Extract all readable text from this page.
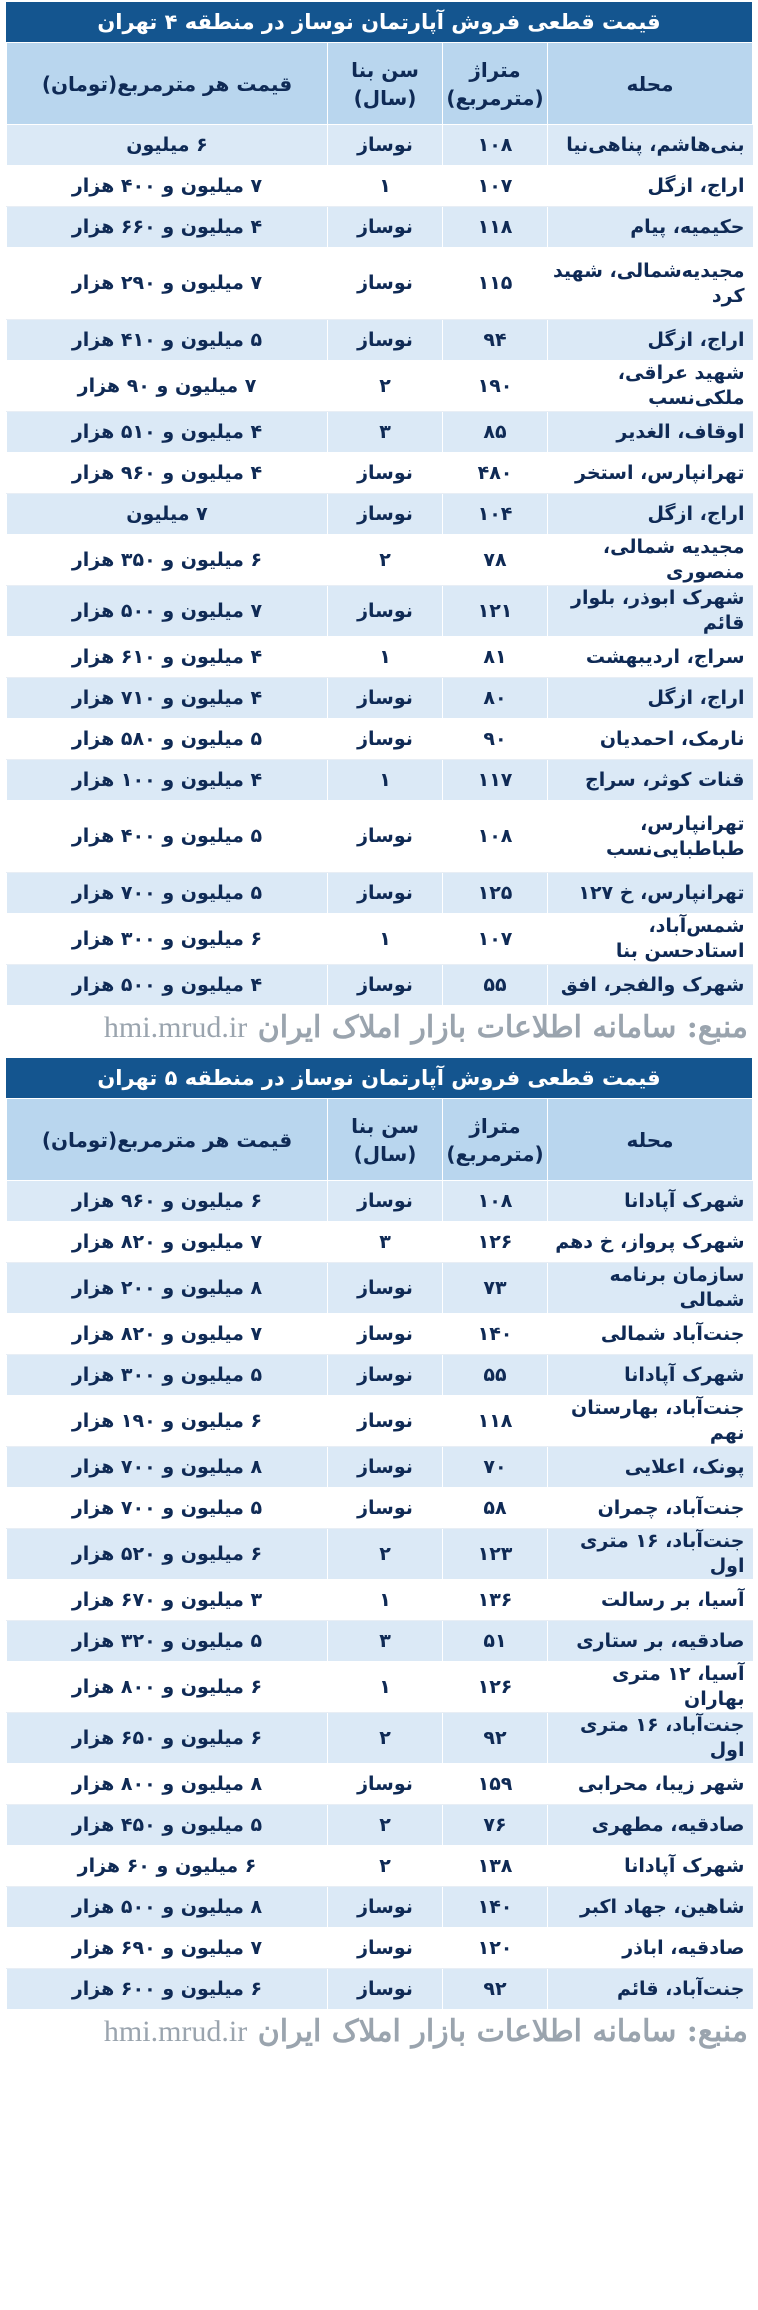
قیمت قطعی فروش آپارتمان نوساز در منطقه ۴ تهران
محله	متراژ (مترمربع)	سن بنا (سال)	قیمت هر مترمربع(تومان)
بنی‌هاشم، پناهی‌نیا	۱۰۸	نوساز	۶ میلیون
اراج، ازگل	۱۰۷	۱	۷ میلیون و ۴۰۰ هزار
حکیمیه، پیام	۱۱۸	نوساز	۴ میلیون و ۶۶۰ هزار
مجیدیه‌شمالی، شهید کرد	۱۱۵	نوساز	۷ میلیون و ۲۹۰ هزار
اراج، ازگل	۹۴	نوساز	۵ میلیون و ۴۱۰ هزار
شهید عراقی، ملکی‌نسب	۱۹۰	۲	۷ میلیون و ۹۰ هزار
اوقاف، الغدیر	۸۵	۳	۴ میلیون و ۵۱۰ هزار
تهرانپارس، استخر	۴۸۰	نوساز	۴ میلیون و ۹۶۰ هزار
اراج، ازگل	۱۰۴	نوساز	۷ میلیون
مجیدیه شمالی، منصوری	۷۸	۲	۶ میلیون و ۳۵۰ هزار
شهرک ابوذر، بلوار قائم	۱۲۱	نوساز	۷ میلیون و ۵۰۰ هزار
سراج، اردیبهشت	۸۱	۱	۴ میلیون و ۶۱۰ هزار
اراج، ازگل	۸۰	نوساز	۴ میلیون و ۷۱۰ هزار
نارمک، احمدیان	۹۰	نوساز	۵ میلیون و ۵۸۰ هزار
قنات کوثر، سراج	۱۱۷	۱	۴ میلیون و ۱۰۰ هزار
تهرانپارس، طباطبایی‌نسب	۱۰۸	نوساز	۵ میلیون و ۴۰۰ هزار
تهرانپارس، خ ۱۲۷	۱۲۵	نوساز	۵ میلیون و ۷۰۰ هزار
شمس‌آباد، استادحسن بنا	۱۰۷	۱	۶ میلیون و ۳۰۰ هزار
شهرک والفجر، افق	۵۵	نوساز	۴ میلیون و ۵۰۰ هزار
منبع: سامانه اطلاعات بازار املاک ایران hmi.mrud.ir
قیمت قطعی فروش آپارتمان نوساز در منطقه ۵ تهران
محله	متراژ (مترمربع)	سن بنا (سال)	قیمت هر مترمربع(تومان)
شهرک آپادانا	۱۰۸	نوساز	۶ میلیون و ۹۶۰ هزار
شهرک پرواز، خ دهم	۱۲۶	۳	۷ میلیون و ۸۲۰ هزار
سازمان برنامه شمالی	۷۳	نوساز	۸ میلیون و ۲۰۰ هزار
جنت‌آباد شمالی	۱۴۰	نوساز	۷ میلیون و ۸۲۰ هزار
شهرک آپادانا	۵۵	نوساز	۵ میلیون و ۳۰۰ هزار
جنت‌آباد، بهارستان نهم	۱۱۸	نوساز	۶ میلیون و ۱۹۰ هزار
پونک، اعلایی	۷۰	نوساز	۸ میلیون و ۷۰۰ هزار
جنت‌آباد، چمران	۵۸	نوساز	۵ میلیون و ۷۰۰ هزار
جنت‌آباد، ۱۶ متری اول	۱۲۳	۲	۶ میلیون و ۵۲۰ هزار
آسیا، بر رسالت	۱۳۶	۱	۳ میلیون و ۶۷۰ هزار
صادقیه، بر ستاری	۵۱	۳	۵ میلیون و ۳۲۰ هزار
آسیا، ۱۲ متری بهاران	۱۲۶	۱	۶ میلیون و ۸۰۰ هزار
جنت‌آباد، ۱۶ متری اول	۹۲	۲	۶ میلیون و ۶۵۰ هزار
شهر زیبا، محرابی	۱۵۹	نوساز	۸ میلیون و ۸۰۰ هزار
صادقیه، مطهری	۷۶	۲	۵ میلیون و ۴۵۰ هزار
شهرک آپادانا	۱۳۸	۲	۶ میلیون و ۶۰ هزار
شاهین، جهاد اکبر	۱۴۰	نوساز	۸ میلیون و ۵۰۰ هزار
صادقیه، اباذر	۱۲۰	نوساز	۷ میلیون و ۶۹۰ هزار
جنت‌آباد، قائم	۹۲	نوساز	۶ میلیون و ۶۰۰ هزار
منبع: سامانه اطلاعات بازار املاک ایران hmi.mrud.ir
